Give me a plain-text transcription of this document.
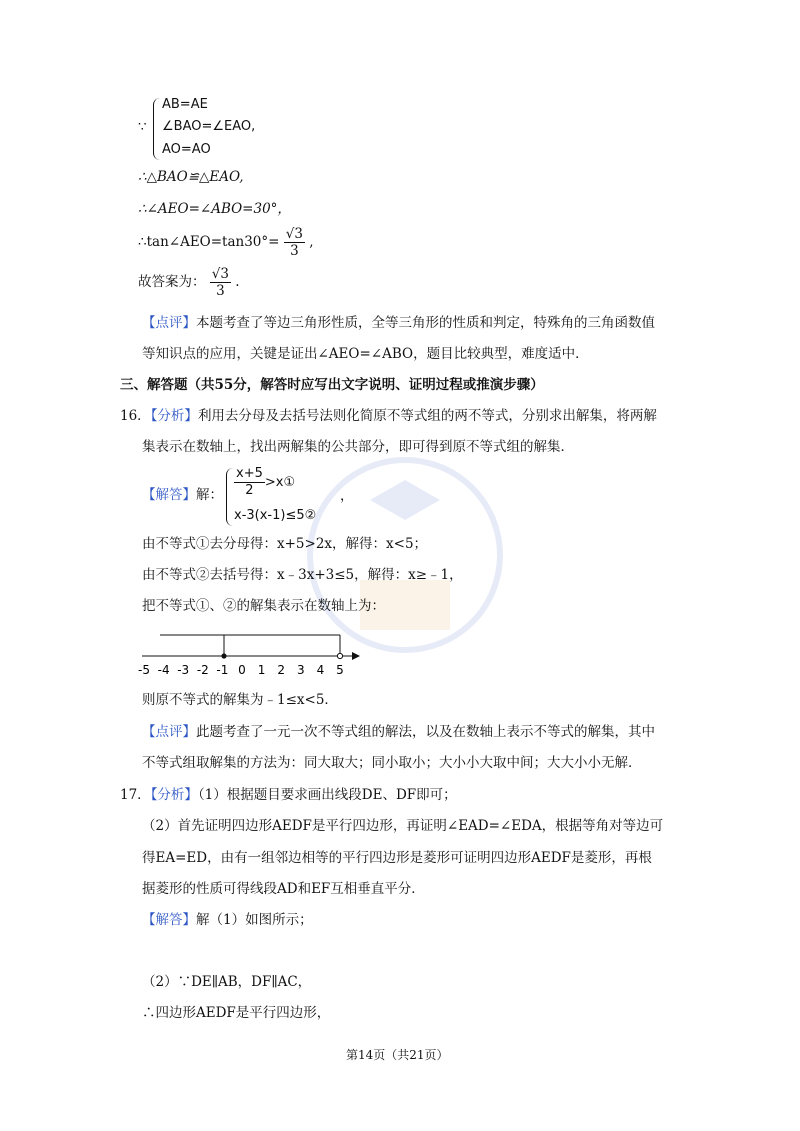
∵
AB=AE
∠BAO=∠EAO,
AO=AO
∴△BAO≌△EAO,
∴∠AEO=∠ABO=30°，
∴tan∠AEO=tan30°= $\frac{√3}{3}$ ,
故答案为： $\frac{√3}{3}$ .
【点评】本题考查了等边三角形性质，全等三角形的性质和判定，特殊角的三角函数值
等知识点的应用，关键是证出∠AEO=∠ABO，题目比较典型，难度适中．
三、解答题（共55分，解答时应写出文字说明、证明过程或推演步骤）
16．【分析】利用去分母及去括号法则化简原不等式组的两不等式，分别求出解集，将两解
集表示在数轴上，找出两解集的公共部分，即可得到原不等式组的解集．
【解答】解： $\frac{x+5}{2}$ >x①
x-3(x-1)≤5②
，
由不等式①去分母得：x+5>2x，解得：x<5；
由不等式②去括号得：x﹣3x+3≤5，解得：x≥﹣1，
把不等式①、②的解集表示在数轴上为：
-5 -4 -3 -2 -1 0 1 2 3 4 5
则原不等式的解集为﹣1≤x<5．
【点评】此题考查了一元一次不等式组的解法，以及在数轴上表示不等式的解集，其中
不等式组取解集的方法为：同大取大；同小取小；大小小大取中间；大大小小无解．
17．【分析】（1）根据题目要求画出线段DE、DF即可；
（2）首先证明四边形AEDF是平行四边形，再证明∠EAD=∠EDA，根据等角对等边可
得EA=ED，由有一组邻边相等的平行四边形是菱形可证明四边形AEDF是菱形，再根
据菱形的性质可得线段AD和EF互相垂直平分．
【解答】解（1）如图所示；
（2）∵DE∥AB，DF∥AC，
∴四边形AEDF是平行四边形，
第14页（共21页）
